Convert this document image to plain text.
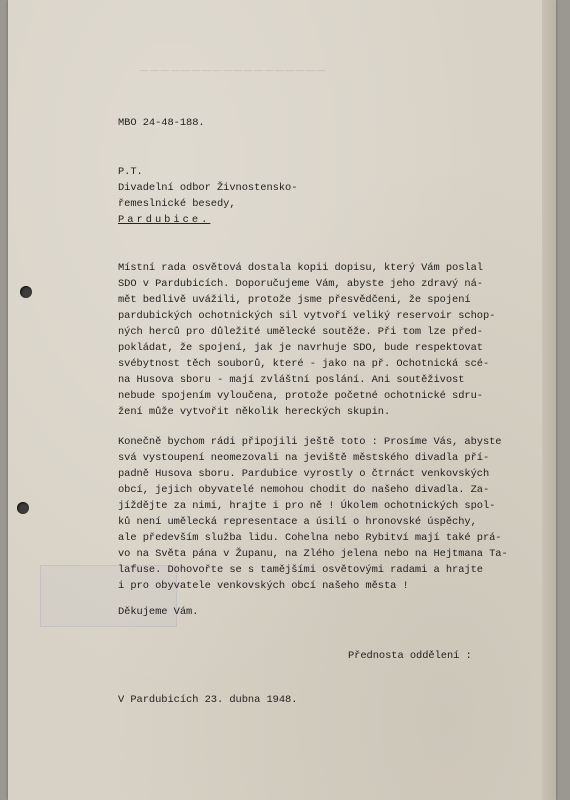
──────────────────

MBO 24-48-188.

P.T.

Divadelní odbor Živnostensko-

řemeslnické besedy,

Pardubice.

Místní rada osvětová dostala kopii dopisu, který Vám poslal

SDO v Pardubicích. Doporučujeme Vám, abyste jeho zdravý ná-

mět bedlivě uvážili, protože jsme přesvědčeni, že spojení

pardubických ochotnických sil vytvoří veliký reservoir schop-

ných herců pro důležité umělecké soutěže. Při tom lze před-

pokládat, že spojení, jak je navrhuje SDO, bude respektovat

svébytnost těch souborů, které - jako na př. Ochotnická scé-

na Husova sboru - mají zvláštní poslání. Ani soutěživost

nebude spojením vyloučena, protože početné ochotnické sdru-

žení může vytvořit několik hereckých skupin.

Konečně bychom rádi připojili ještě toto : Prosíme Vás, abyste

svá vystoupení neomezovali na jeviště městského divadla pří-

padně Husova sboru. Pardubice vyrostly o čtrnáct venkovských

obcí, jejich obyvatelé nemohou chodit do našeho divadla. Za-

jíždějte za nimi, hrajte i pro ně ! Úkolem ochotnických spol-

ků není umělecká representace a úsilí o hronovské úspěchy,

ale především služba lidu. Cohelna nebo Rybitví mají také prá-

vo na Světa pána v Županu, na Zlého jelena nebo na Hejtmana Ta-

lafuse. Dohovořte se s tamějšími osvětovými radami a hrajte

i pro obyvatele venkovských obcí našeho města !

Děkujeme Vám.

Přednosta oddělení :

V Pardubicích 23. dubna 1948.
